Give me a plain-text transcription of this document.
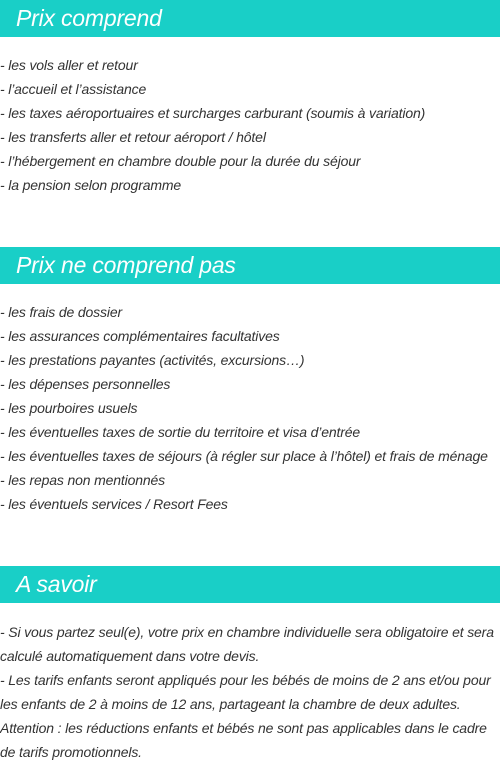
Prix comprend
- les vols aller et retour
- l’accueil et l’assistance
- les taxes aéroportuaires et surcharges carburant (soumis à variation)
- les transferts aller et retour aéroport / hôtel
- l’hébergement en chambre double pour la durée du séjour
- la pension selon programme
Prix ne comprend pas
- les frais de dossier
- les assurances complémentaires facultatives
- les prestations payantes (activités, excursions…)
- les dépenses personnelles
- les pourboires usuels
- les éventuelles taxes de sortie du territoire et visa d’entrée
- les éventuelles taxes de séjours (à régler sur place à l’hôtel) et frais de ménage
- les repas non mentionnés
- les éventuels services / Resort Fees
A savoir

- Si vous partez seul(e), votre prix en chambre individuelle sera obligatoire et sera calculé automatiquement dans votre devis.

- Les tarifs enfants seront appliqués pour les bébés de moins de 2 ans et/ou pour les enfants de 2 à moins de 12 ans, partageant la chambre de deux adultes.

Attention : les réductions enfants et bébés ne sont pas applicables dans le cadre de tarifs promotionnels.
